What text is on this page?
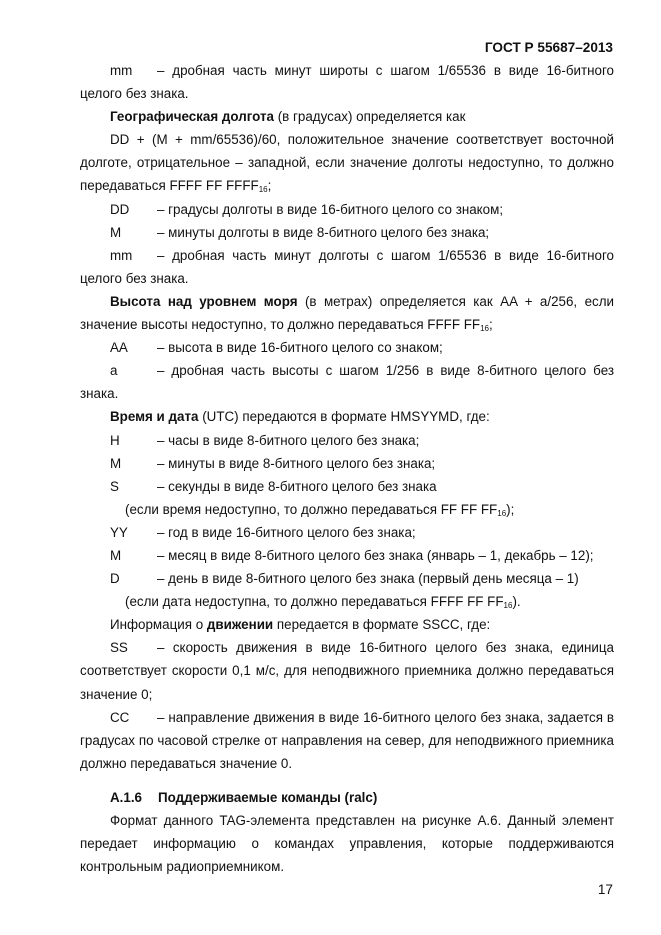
ГОСТ Р 55687–2013

mm – дробная часть минут широты с шагом 1/65536 в виде 16-битного целого без знака.

Географическая долгота (в градусах) определяется как

DD + (M + mm/65536)/60, положительное значение соответствует восточной долготе, отрицательное – западной, если значение долготы недоступно, то должно передаваться FFFF FF $FFFF_{16}$;

DD – градусы долготы в виде 16-битного целого со знаком;

M	– минуты долготы в виде 8-битного целого без знака;

mm – дробная часть минут долготы с шагом 1/65536 в виде 16-битного целого без знака.

Высота над уровнем моря (в метрах) определяется как AA + a/256, если значение высоты недоступно, то должно передаваться FFFF $FF_{16}$;

AA – высота в виде 16-битного целого со знаком;

a	– дробная часть высоты с шагом 1/256 в виде 8-битного целого без знака.

Время и дата (UTC) передаются в формате HMSYYMD, где:

H	– часы в виде 8-битного целого без знака;

M	– минуты в виде 8-битного целого без знака;

S	– секунды в виде 8-битного целого без знака

(если время недоступно, то должно передаваться FF FF $FF_{16}$);

YY – год в виде 16-битного целого без знака;

M	– месяц в виде 8-битного целого без знака (январь – 1, декабрь – 12);

D	– день в виде 8-битного целого без знака (первый день месяца – 1)

(если дата недоступна, то должно передаваться FFFF FF $FF_{16}$).

Информация о движении передается в формате SSCC, где:

SS – скорость движения в виде 16-битного целого без знака, единица соответствует скорости 0,1 м/с, для неподвижного приемника должно передаваться значение 0;

CC – направление движения в виде 16-битного целого без знака, задается в градусах по часовой стрелке от направления на север, для неподвижного приемника должно передаваться значение 0.

А.1.6 Поддерживаемые команды (ralc)

Формат данного TAG-элемента представлен на рисунке А.6. Данный элемент передает информацию о командах управления, которые поддерживаются контрольным радиоприемником.

17
